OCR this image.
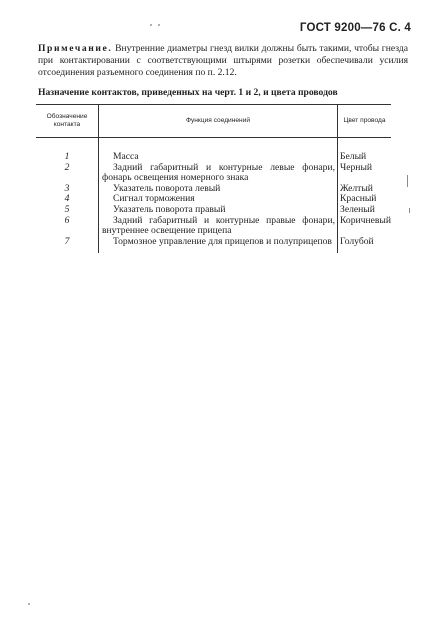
ГОСТ 9200—76 С. 4

Примечание. Внутренние диаметры гнезд вилки должны быть такими, чтобы гнезда при контактировании с соответствующими штырями розетки обеспечивали усилия отсоединения разъемного соединения по п. 2.12.

Назначение контактов, приведенных на черт. 1 и 2, и цвета проводов
Обозначение контакта	Функция соединений	Цвет провода
1	Масса	Белый
2	Задний габаритный и контурные левые фонари, фонарь освещения номерного знака	Черный
3	Указатель поворота левый	Желтый
4	Сигнал торможения	Красный
5	Указатель поворота правый	Зеленый
6	Задний габаритный и контурные правые фонари, внутреннее освещение прицепа	Коричневый
7	Тормозное управление для прицепов и полуприцепов	Голубой
